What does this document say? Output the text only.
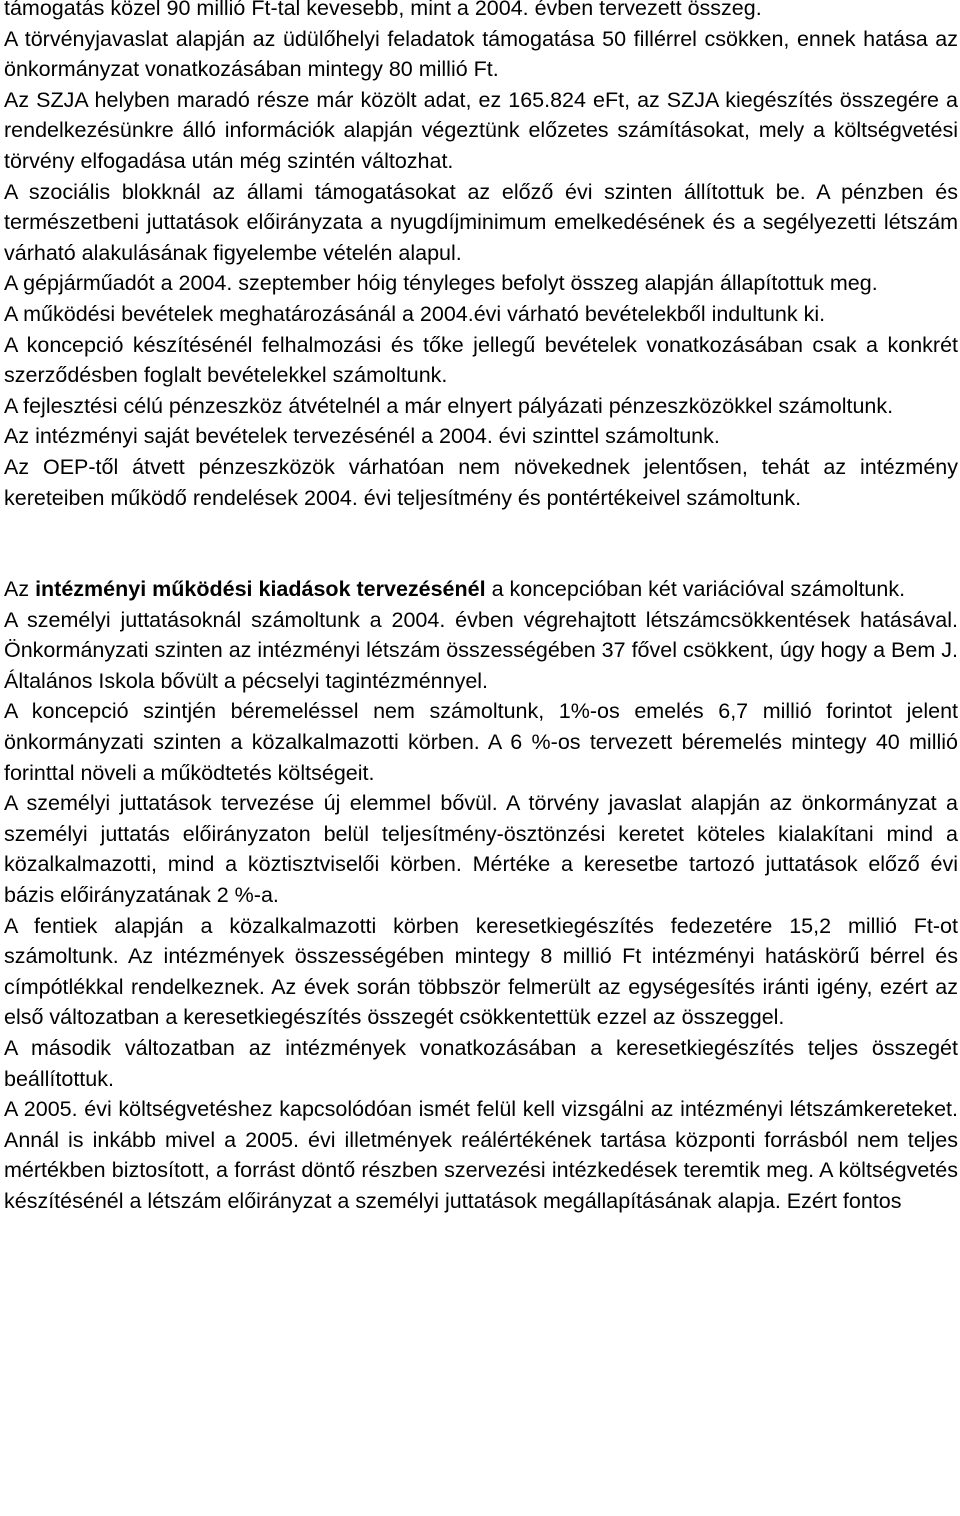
támogatás közel 90 millió Ft-tal kevesebb, mint a 2004. évben tervezett összeg.

A törvényjavaslat alapján az üdülőhelyi feladatok támogatása 50 fillérrel csökken, ennek hatása az önkormányzat vonatkozásában mintegy 80 millió Ft.

Az SZJA helyben maradó része már közölt adat, ez 165.824 eFt, az SZJA kiegészítés összegére a rendelkezésünkre álló információk alapján végeztünk előzetes számításokat, mely a költségvetési törvény elfogadása után még szintén változhat.

A szociális blokknál az állami támogatásokat az előző évi szinten állítottuk be. A pénzben és természetbeni juttatások előirányzata a nyugdíjminimum emelkedésének és a segélyezetti létszám várható alakulásának figyelembe vételén alapul.

A gépjárműadót a 2004. szeptember hóig tényleges befolyt összeg alapján állapítottuk meg.

A működési bevételek meghatározásánál a 2004.évi várható bevételekből indultunk ki.

A koncepció készítésénél felhalmozási és tőke jellegű bevételek vonatkozásában csak a konkrét szerződésben foglalt bevételekkel számoltunk.

A fejlesztési célú pénzeszköz átvételnél a már elnyert pályázati pénzeszközökkel számoltunk.

Az intézményi saját bevételek tervezésénél a 2004. évi szinttel számoltunk.

Az OEP-től átvett pénzeszközök várhatóan nem növekednek jelentősen, tehát az intézmény kereteiben működő rendelések 2004. évi teljesítmény és pontértékeivel számoltunk.

Az intézményi működési kiadások tervezésénél a koncepcióban két variációval számoltunk.

A személyi juttatásoknál számoltunk a 2004. évben végrehajtott létszámcsökkentések hatásával. Önkormányzati szinten az intézményi létszám összességében 37 fővel csökkent, úgy hogy a Bem J. Általános Iskola bővült a pécselyi tagintézménnyel.

A koncepció szintjén béremeléssel nem számoltunk, 1%-os emelés 6,7 millió forintot jelent önkormányzati szinten a közalkalmazotti körben. A 6 %-os tervezett béremelés mintegy 40 millió forinttal növeli a működtetés költségeit.

A személyi juttatások tervezése új elemmel bővül. A törvény javaslat alapján az önkormányzat a személyi juttatás előirányzaton belül teljesítmény-ösztönzési keretet köteles kialakítani mind a közalkalmazotti, mind a köztisztviselői körben. Mértéke a keresetbe tartozó juttatások előző évi bázis előirányzatának 2 %-a.

A fentiek alapján a közalkalmazotti körben keresetkiegészítés fedezetére 15,2 millió Ft-ot számoltunk. Az intézmények összességében mintegy 8 millió Ft intézményi hatáskörű bérrel és címpótlékkal rendelkeznek. Az évek során többször felmerült az egységesítés iránti igény, ezért az első változatban a keresetkiegészítés összegét csökkentettük ezzel az összeggel.

A második változatban az intézmények vonatkozásában a keresetkiegészítés teljes összegét beállítottuk.

A 2005. évi költségvetéshez kapcsolódóan ismét felül kell vizsgálni az intézményi létszámkereteket. Annál is inkább mivel a 2005. évi illetmények reálértékének tartása központi forrásból nem teljes mértékben biztosított, a forrást döntő részben szervezési intézkedések teremtik meg. A költségvetés készítésénél a létszám előirányzat a személyi juttatások megállapításának alapja. Ezért fontos
